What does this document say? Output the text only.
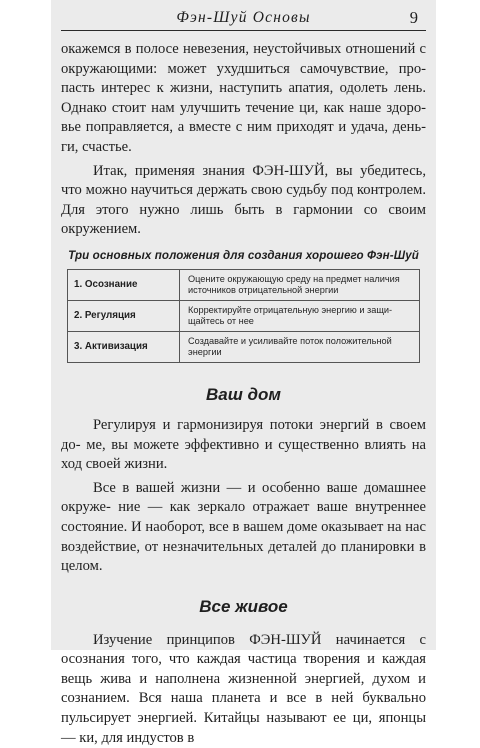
Фэн-Шуй Основы	9

окажемся в полосе невезения, неустойчивых отношений с окружающими: может ухудшиться самочувствие, про- пасть интерес к жизни, наступить апатия, одолеть лень. Однако стоит нам улучшить течение ци, как наше здоро- вье поправляется, а вместе с ним приходят и удача, день- ги, счастье.

Итак, применяя знания ФЭН-ШУЙ, вы убедитесь, что можно научиться держать свою судьбу под контролем. Для этого нужно лишь быть в гармонии со своим окружением.

Три основных положения для создания хорошего Фэн-Шуй
1. Осознание	Оцените окружающую среду на предмет наличия источников отрицательной энергии
2. Регуляция	Корректируйте отрицательную энергию и защи- щайтесь от нее
3. Активизация	Создавайте и усиливайте поток положительной энергии
Ваш дом

Регулируя и гармонизируя потоки энергий в своем до- ме, вы можете эффективно и существенно влиять на ход своей жизни.

Все в вашей жизни — и особенно ваше домашнее окруже- ние — как зеркало отражает ваше внутреннее состояние. И наоборот, все в вашем доме оказывает на нас воздействие, от незначительных деталей до планировки в целом.

Все живое

Изучение принципов ФЭН-ШУЙ начинается с осознания того, что каждая частица творения и каждая вещь жива и наполнена жизненной энергией, духом и сознанием. Вся наша планета и все в ней буквально пульсирует энергией. Китайцы называют ее ци, японцы — ки, для индустов в
